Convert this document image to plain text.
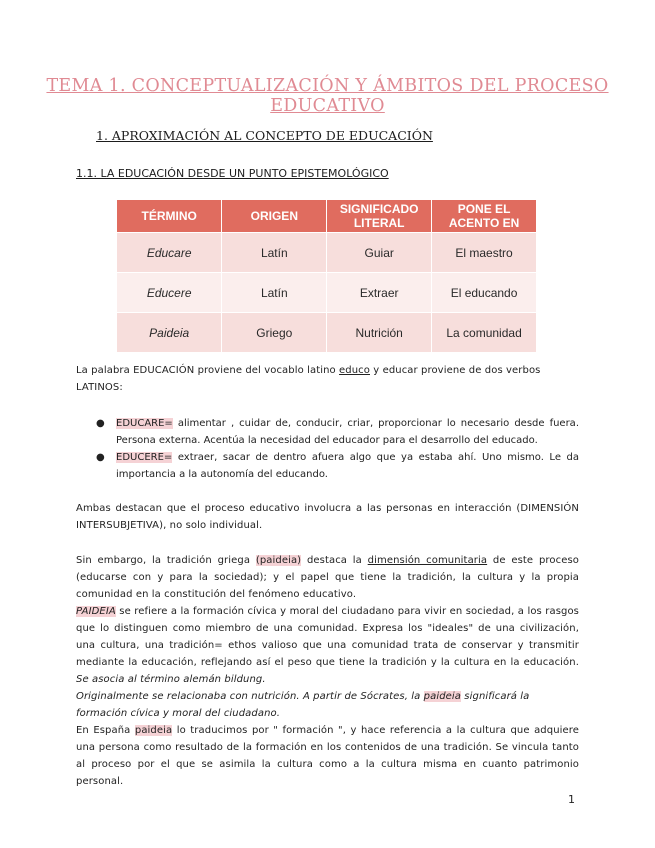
TEMA 1. CONCEPTUALIZACIÓN Y ÁMBITOS DEL PROCESO EDUCATIVO
1. APROXIMACIÓN AL CONCEPTO DE EDUCACIÓN
1.1. LA EDUCACIÓN DESDE UN PUNTO EPISTEMOLÓGICO
TÉRMINO	ORIGEN	SIGNIFICADO LITERAL	PONE EL ACENTO EN
Educare	Latín	Guiar	El maestro
Educere	Latín	Extraer	El educando
Paideia	Griego	Nutrición	La comunidad
La palabra EDUCACIÓN proviene del vocablo latino educo y educar proviene de dos verbos LATINOS:
● EDUCARE= alimentar , cuidar de, conducir, criar, proporcionar lo necesario desde fuera. Persona externa. Acentúa la necesidad del educador para el desarrollo del educado.
● EDUCERE= extraer, sacar de dentro afuera algo que ya estaba ahí. Uno mismo. Le da importancia a la autonomía del educando.
Ambas destacan que el proceso educativo involucra a las personas en interacción (DIMENSIÓN INTERSUBJETIVA), no solo individual.
Sin embargo, la tradición griega (paideia) destaca la dimensión comunitaria de este proceso (educarse con y para la sociedad); y el papel que tiene la tradición, la cultura y la propia comunidad en la constitución del fenómeno educativo.
PAIDEIA se refiere a la formación cívica y moral del ciudadano para vivir en sociedad, a los rasgos que lo distinguen como miembro de una comunidad. Expresa los "ideales" de una civilización, una cultura, una tradición= ethos valioso que una comunidad trata de conservar y transmitir mediante la educación, reflejando así el peso que tiene la tradición y la cultura en la educación. Se asocia al término alemán bildung.
Originalmente se relacionaba con nutrición. A partir de Sócrates, la paideia significará la formación cívica y moral del ciudadano.
En España paideia lo traducimos por " formación ", y hace referencia a la cultura que adquiere una persona como resultado de la formación en los contenidos de una tradición. Se vincula tanto al proceso por el que se asimila la cultura como a la cultura misma en cuanto patrimonio personal.
1
